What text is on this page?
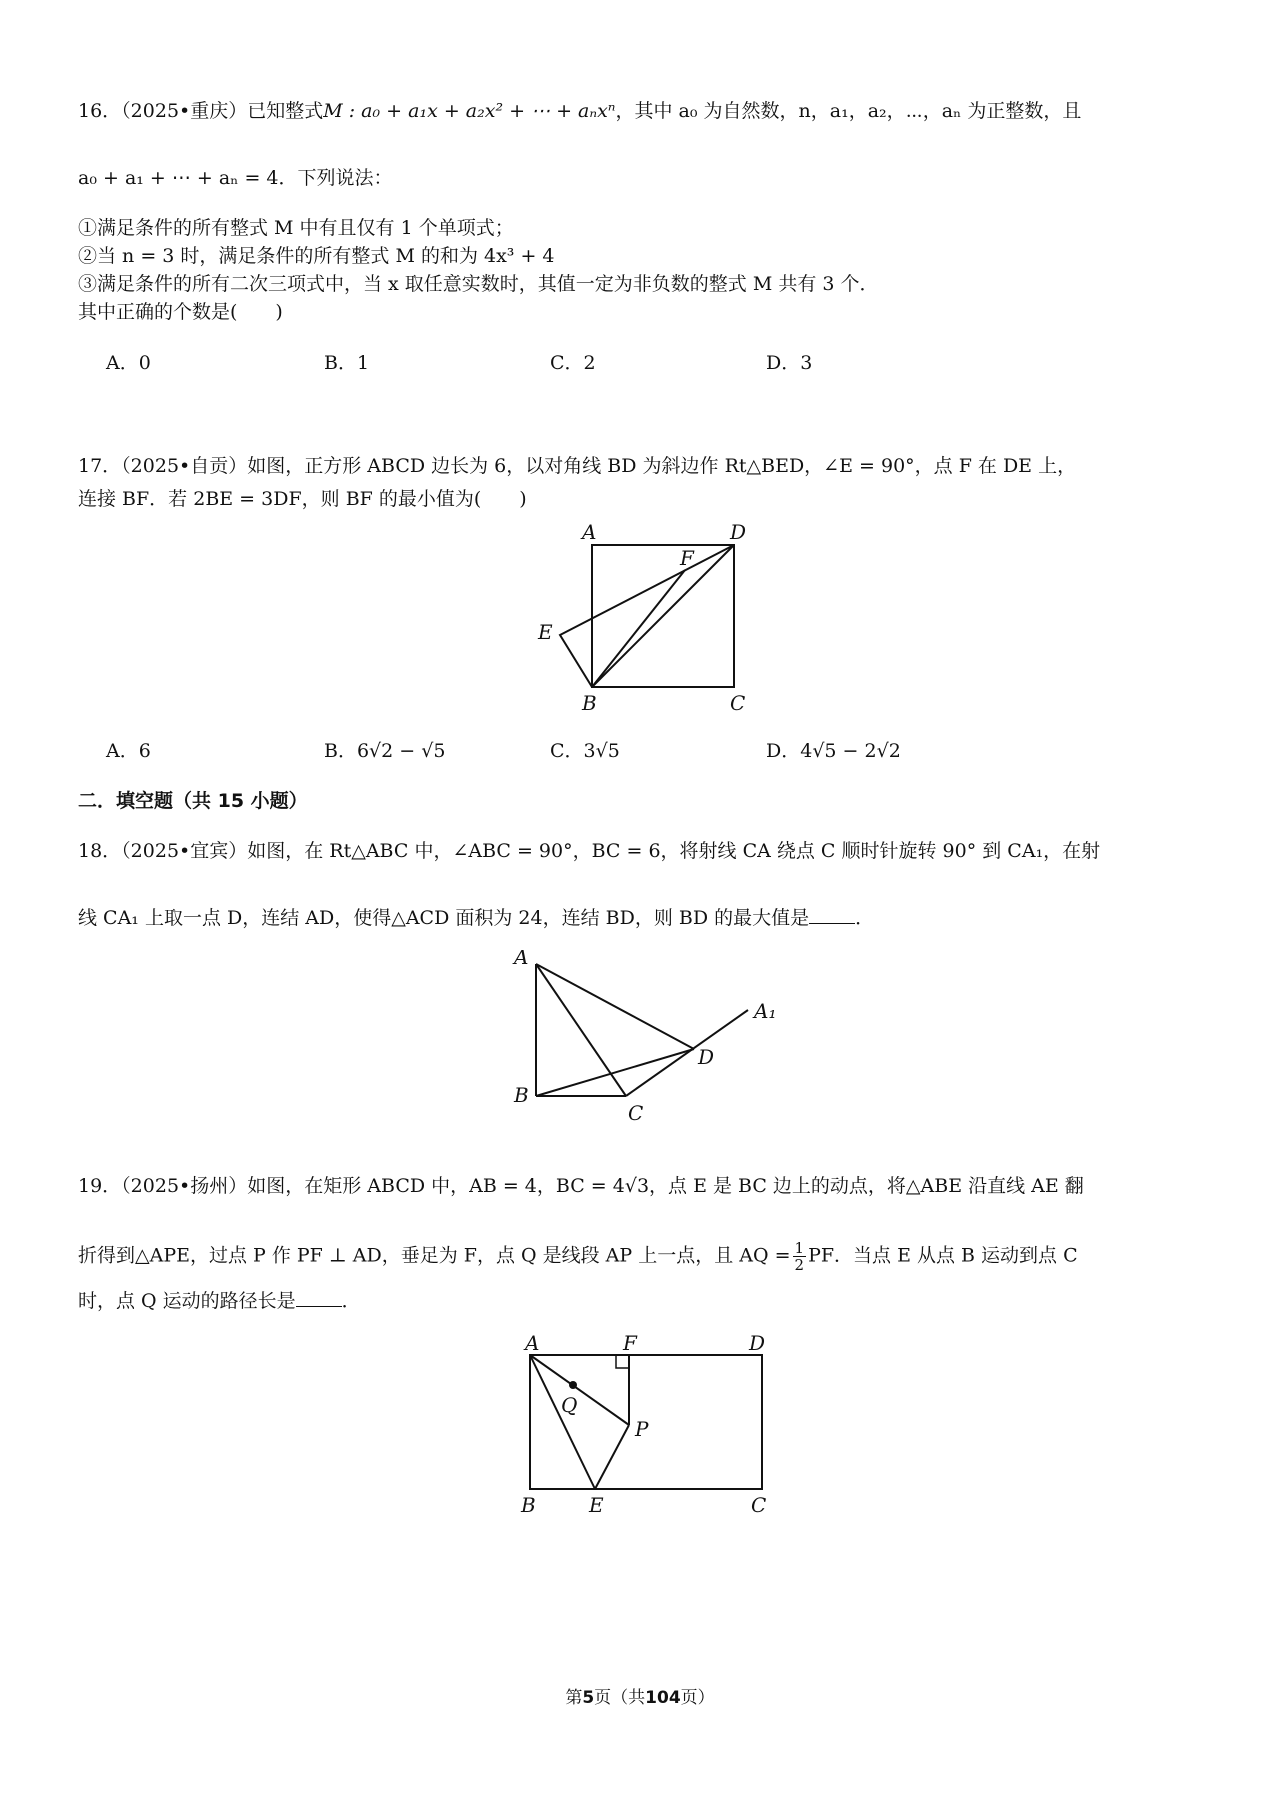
16．（2025•重庆）已知整式M : a₀ + a₁x + a₂x² + ⋯ + aₙxⁿ，其中 a₀ 为自然数，n，a₁，a₂，⋯，aₙ 为正整数，且
a₀ + a₁ + ⋯ + aₙ = 4．下列说法：
①满足条件的所有整式 M 中有且仅有 1 个单项式；
②当 n = 3 时，满足条件的所有整式 M 的和为 4x³ + 4
③满足条件的所有二次三项式中，当 x 取任意实数时，其值一定为非负数的整式 M 共有 3 个．
其中正确的个数是(　　)
A．0	B．1	C．2	D．3
17．（2025•自贡）如图，正方形 ABCD 边长为 6，以对角线 BD 为斜边作 Rt△BED，∠E = 90°，点 F 在 DE 上，
连接 BF．若 2BE = 3DF，则 BF 的最小值为(　　)
A	D
F
E
B	C
A．6	B．6√2 − √5	C．3√5	D．4√5 − 2√2
二．填空题（共 15 小题）
18．（2025•宜宾）如图，在 Rt△ABC 中，∠ABC = 90°，BC = 6，将射线 CA 绕点 C 顺时针旋转 90° 到 CA₁，在射
线 CA₁ 上取一点 D，连结 AD，使得△ACD 面积为 24，连结 BD，则 BD 的最大值是 ．
A
A₁
D
B
C
19．（2025•扬州）如图，在矩形 ABCD 中，AB = 4，BC = 4√3，点 E 是 BC 边上的动点，将△ABE 沿直线 AE 翻
折得到△APE，过点 P 作 PF ⊥ AD，垂足为 F，点 Q 是线段 AP 上一点，且 AQ = $\frac{1}{2}$ PF．当点 E 从点 B 运动到点 C
时，点 Q 运动的路径长是 ．
A	F	D
Q
P
B	E	C
第5页（共104页）
